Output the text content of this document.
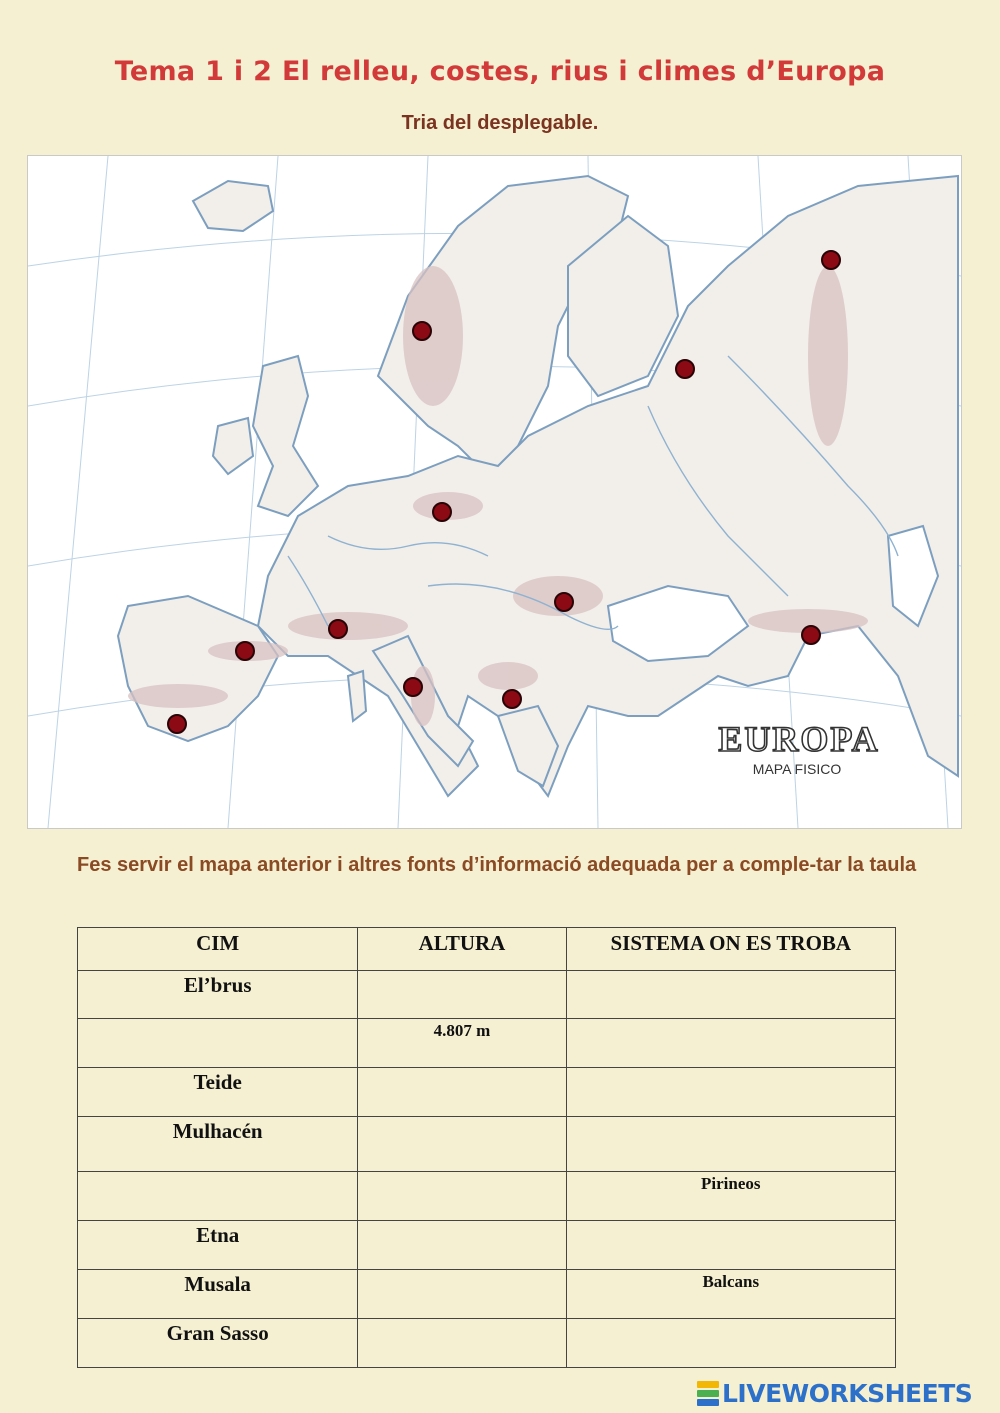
Tema 1 i 2 El relleu, costes, rius i climes d’Europa
Tria del desplegable.
EUROPA
MAPA FISICO
Fes servir el mapa anterior i altres fonts d’informació adequada per a comple-tar la taula
CIM	ALTURA	SISTEMA ON ES TROBA

El’brus		

	4.807 m	

Teide		

Mulhacén		

		Pirineos

Etna		

Musala		Balcans

Gran Sasso		

LIVEWORKSHEETS
